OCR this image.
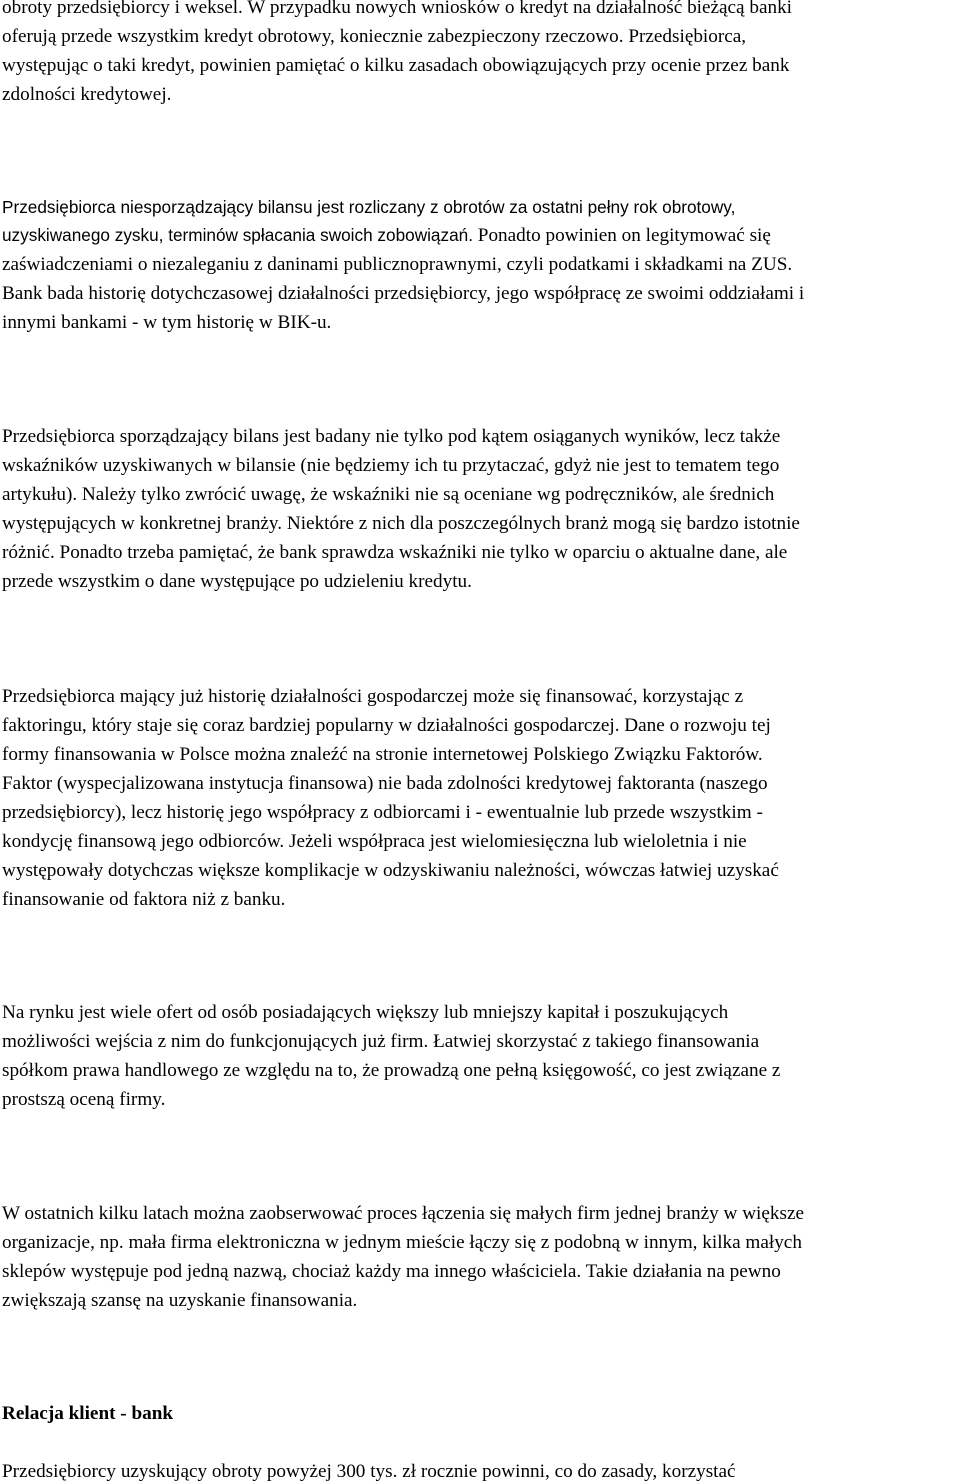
obroty przedsiębiorcy i weksel. W przypadku nowych wniosków o kredyt na działalność bieżącą banki

oferują przede wszystkim kredyt obrotowy, koniecznie zabezpieczony rzeczowo. Przedsiębiorca,

występując o taki kredyt, powinien pamiętać o kilku zasadach obowiązujących przy ocenie przez bank

zdolności kredytowej.

Przedsiębiorca niesporządzający bilansu jest rozliczany z obrotów za ostatni pełny rok obrotowy,

uzyskiwanego zysku, terminów spłacania swoich zobowiązań. Ponadto powinien on legitymować się

zaświadczeniami o niezaleganiu z daninami publicznoprawnymi, czyli podatkami i składkami na ZUS.

Bank bada historię dotychczasowej działalności przedsiębiorcy, jego współpracę ze swoimi oddziałami i

innymi bankami - w tym historię w BIK-u.

Przedsiębiorca sporządzający bilans jest badany nie tylko pod kątem osiąganych wyników, lecz także

wskaźników uzyskiwanych w bilansie (nie będziemy ich tu przytaczać, gdyż nie jest to tematem tego

artykułu). Należy tylko zwrócić uwagę, że wskaźniki nie są oceniane wg podręczników, ale średnich

występujących w konkretnej branży. Niektóre z nich dla poszczególnych branż mogą się bardzo istotnie

różnić. Ponadto trzeba pamiętać, że bank sprawdza wskaźniki nie tylko w oparciu o aktualne dane, ale

przede wszystkim o dane występujące po udzieleniu kredytu.

Przedsiębiorca mający już historię działalności gospodarczej może się finansować, korzystając z

faktoringu, który staje się coraz bardziej popularny w działalności gospodarczej. Dane o rozwoju tej

formy finansowania w Polsce można znaleźć na stronie internetowej Polskiego Związku Faktorów.

Faktor (wyspecjalizowana instytucja finansowa) nie bada zdolności kredytowej faktoranta (naszego

przedsiębiorcy), lecz historię jego współpracy z odbiorcami i - ewentualnie lub przede wszystkim -

kondycję finansową jego odbiorców. Jeżeli współpraca jest wielomiesięczna lub wieloletnia i nie

występowały dotychczas większe komplikacje w odzyskiwaniu należności, wówczas łatwiej uzyskać

finansowanie od faktora niż z banku.

Na rynku jest wiele ofert od osób posiadających większy lub mniejszy kapitał i poszukujących

możliwości wejścia z nim do funkcjonujących już firm. Łatwiej skorzystać z takiego finansowania

spółkom prawa handlowego ze względu na to, że prowadzą one pełną księgowość, co jest związane z

prostszą oceną firmy.

W ostatnich kilku latach można zaobserwować proces łączenia się małych firm jednej branży w większe

organizacje, np. mała firma elektroniczna w jednym mieście łączy się z podobną w innym, kilka małych

sklepów występuje pod jedną nazwą, chociaż każdy ma innego właściciela. Takie działania na pewno

zwiększają szansę na uzyskanie finansowania.

Relacja klient - bank

Przedsiębiorcy uzyskujący obroty powyżej 300 tys. zł rocznie powinni, co do zasady, korzystać
